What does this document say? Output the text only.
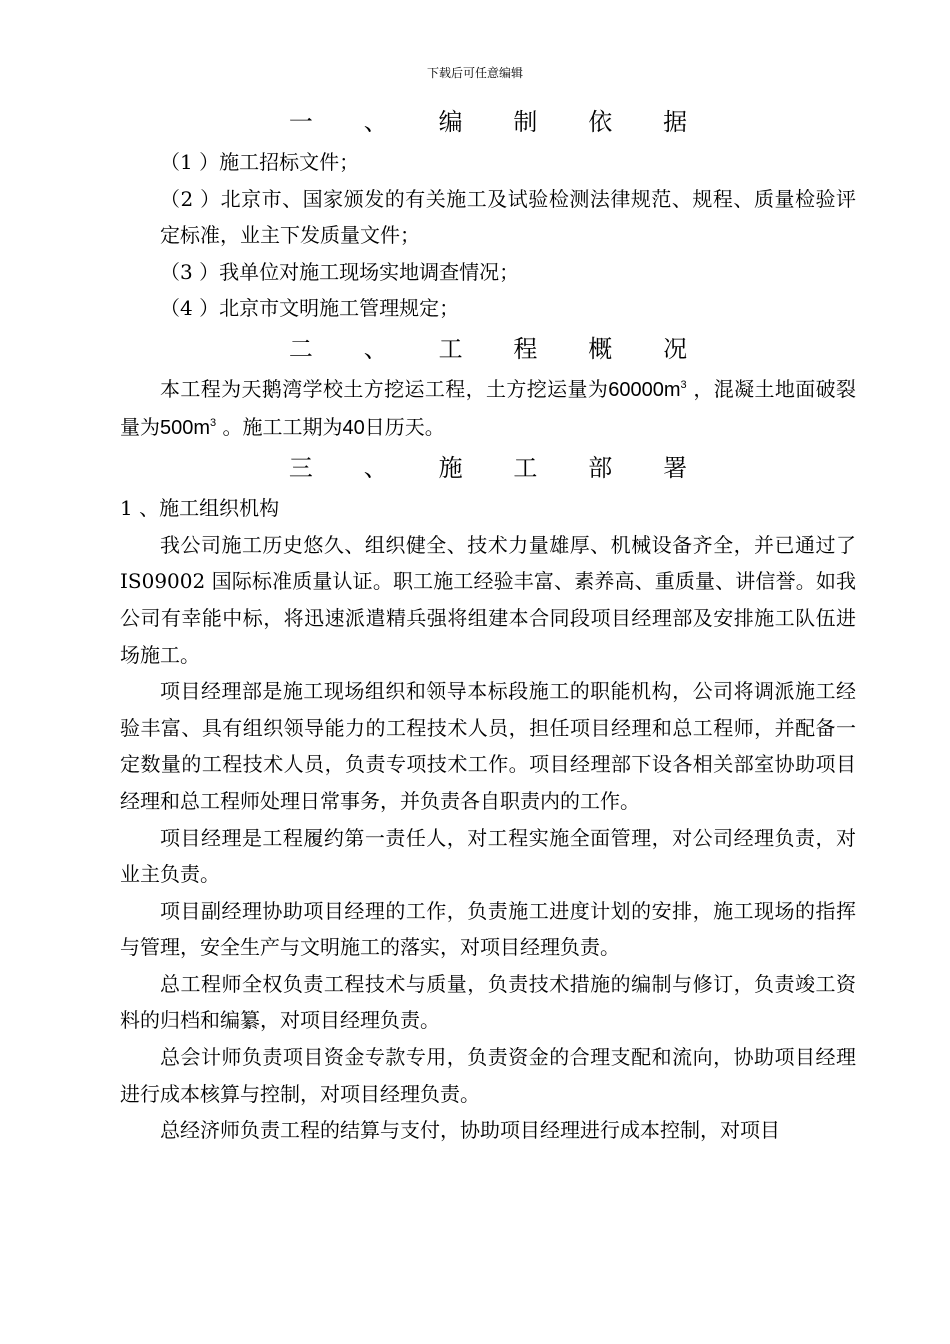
下载后可任意编辑
一 、 编 制 依 据

（1 ）施工招标文件；

（2 ）北京市、国家颁发的有关施工及试验检测法律规范、规程、质量检验评定标准，业主下发质量文件；

（3 ）我单位对施工现场实地调查情况；

（4 ）北京市文明施工管理规定；

二 、 工 程 概 况

本工程为天鹅湾学校土方挖运工程，土方挖运量为$60000m^3$ ，混凝土地面破裂量为$500m^3$ 。施工工期为40日历天。

三 、 施 工 部 署

1 、施工组织机构

我公司施工历史悠久、组织健全、技术力量雄厚、机械设备齐全，并已通过了IS09002 国际标准质量认证。职工施工经验丰富、素养高、重质量、讲信誉。如我公司有幸能中标，将迅速派遣精兵强将组建本合同段项目经理部及安排施工队伍进场施工。

项目经理部是施工现场组织和领导本标段施工的职能机构，公司将调派施工经验丰富、具有组织领导能力的工程技术人员，担任项目经理和总工程师，并配备一定数量的工程技术人员，负责专项技术工作。项目经理部下设各相关部室协助项目经理和总工程师处理日常事务，并负责各自职责内的工作。

项目经理是工程履约第一责任人，对工程实施全面管理，对公司经理负责，对业主负责。

项目副经理协助项目经理的工作，负责施工进度计划的安排，施工现场的指挥与管理，安全生产与文明施工的落实，对项目经理负责。

总工程师全权负责工程技术与质量，负责技术措施的编制与修订，负责竣工资料的归档和编纂，对项目经理负责。

总会计师负责项目资金专款专用，负责资金的合理支配和流向，协助项目经理进行成本核算与控制，对项目经理负责。

总经济师负责工程的结算与支付，协助项目经理进行成本控制，对项目
